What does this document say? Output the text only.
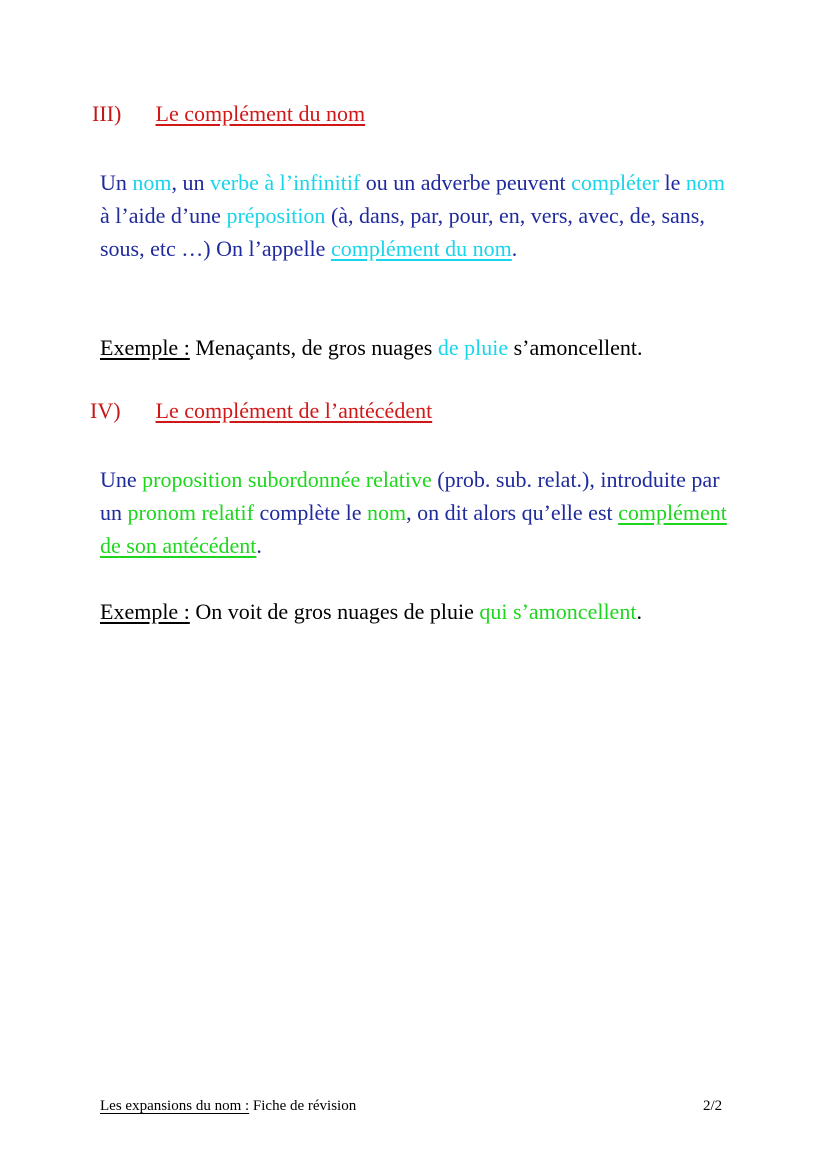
III) Le complément du nom
Un nom, un verbe à l’infinitif ou un adverbe peuvent compléter le nom à l’aide d’une préposition (à, dans, par, pour, en, vers, avec, de, sans, sous, etc …) On l’appelle complément du nom.
Exemple : Menaçants, de gros nuages de pluie s’amoncellent.
IV) Le complément de l’antécédent
Une proposition subordonnée relative (prob. sub. relat.), introduite par un pronom relatif complète le nom, on dit alors qu’elle est complément de son antécédent.
Exemple : On voit de gros nuages de pluie qui s’amoncellent.
Les expansions du nom : Fiche de révision	2/2
